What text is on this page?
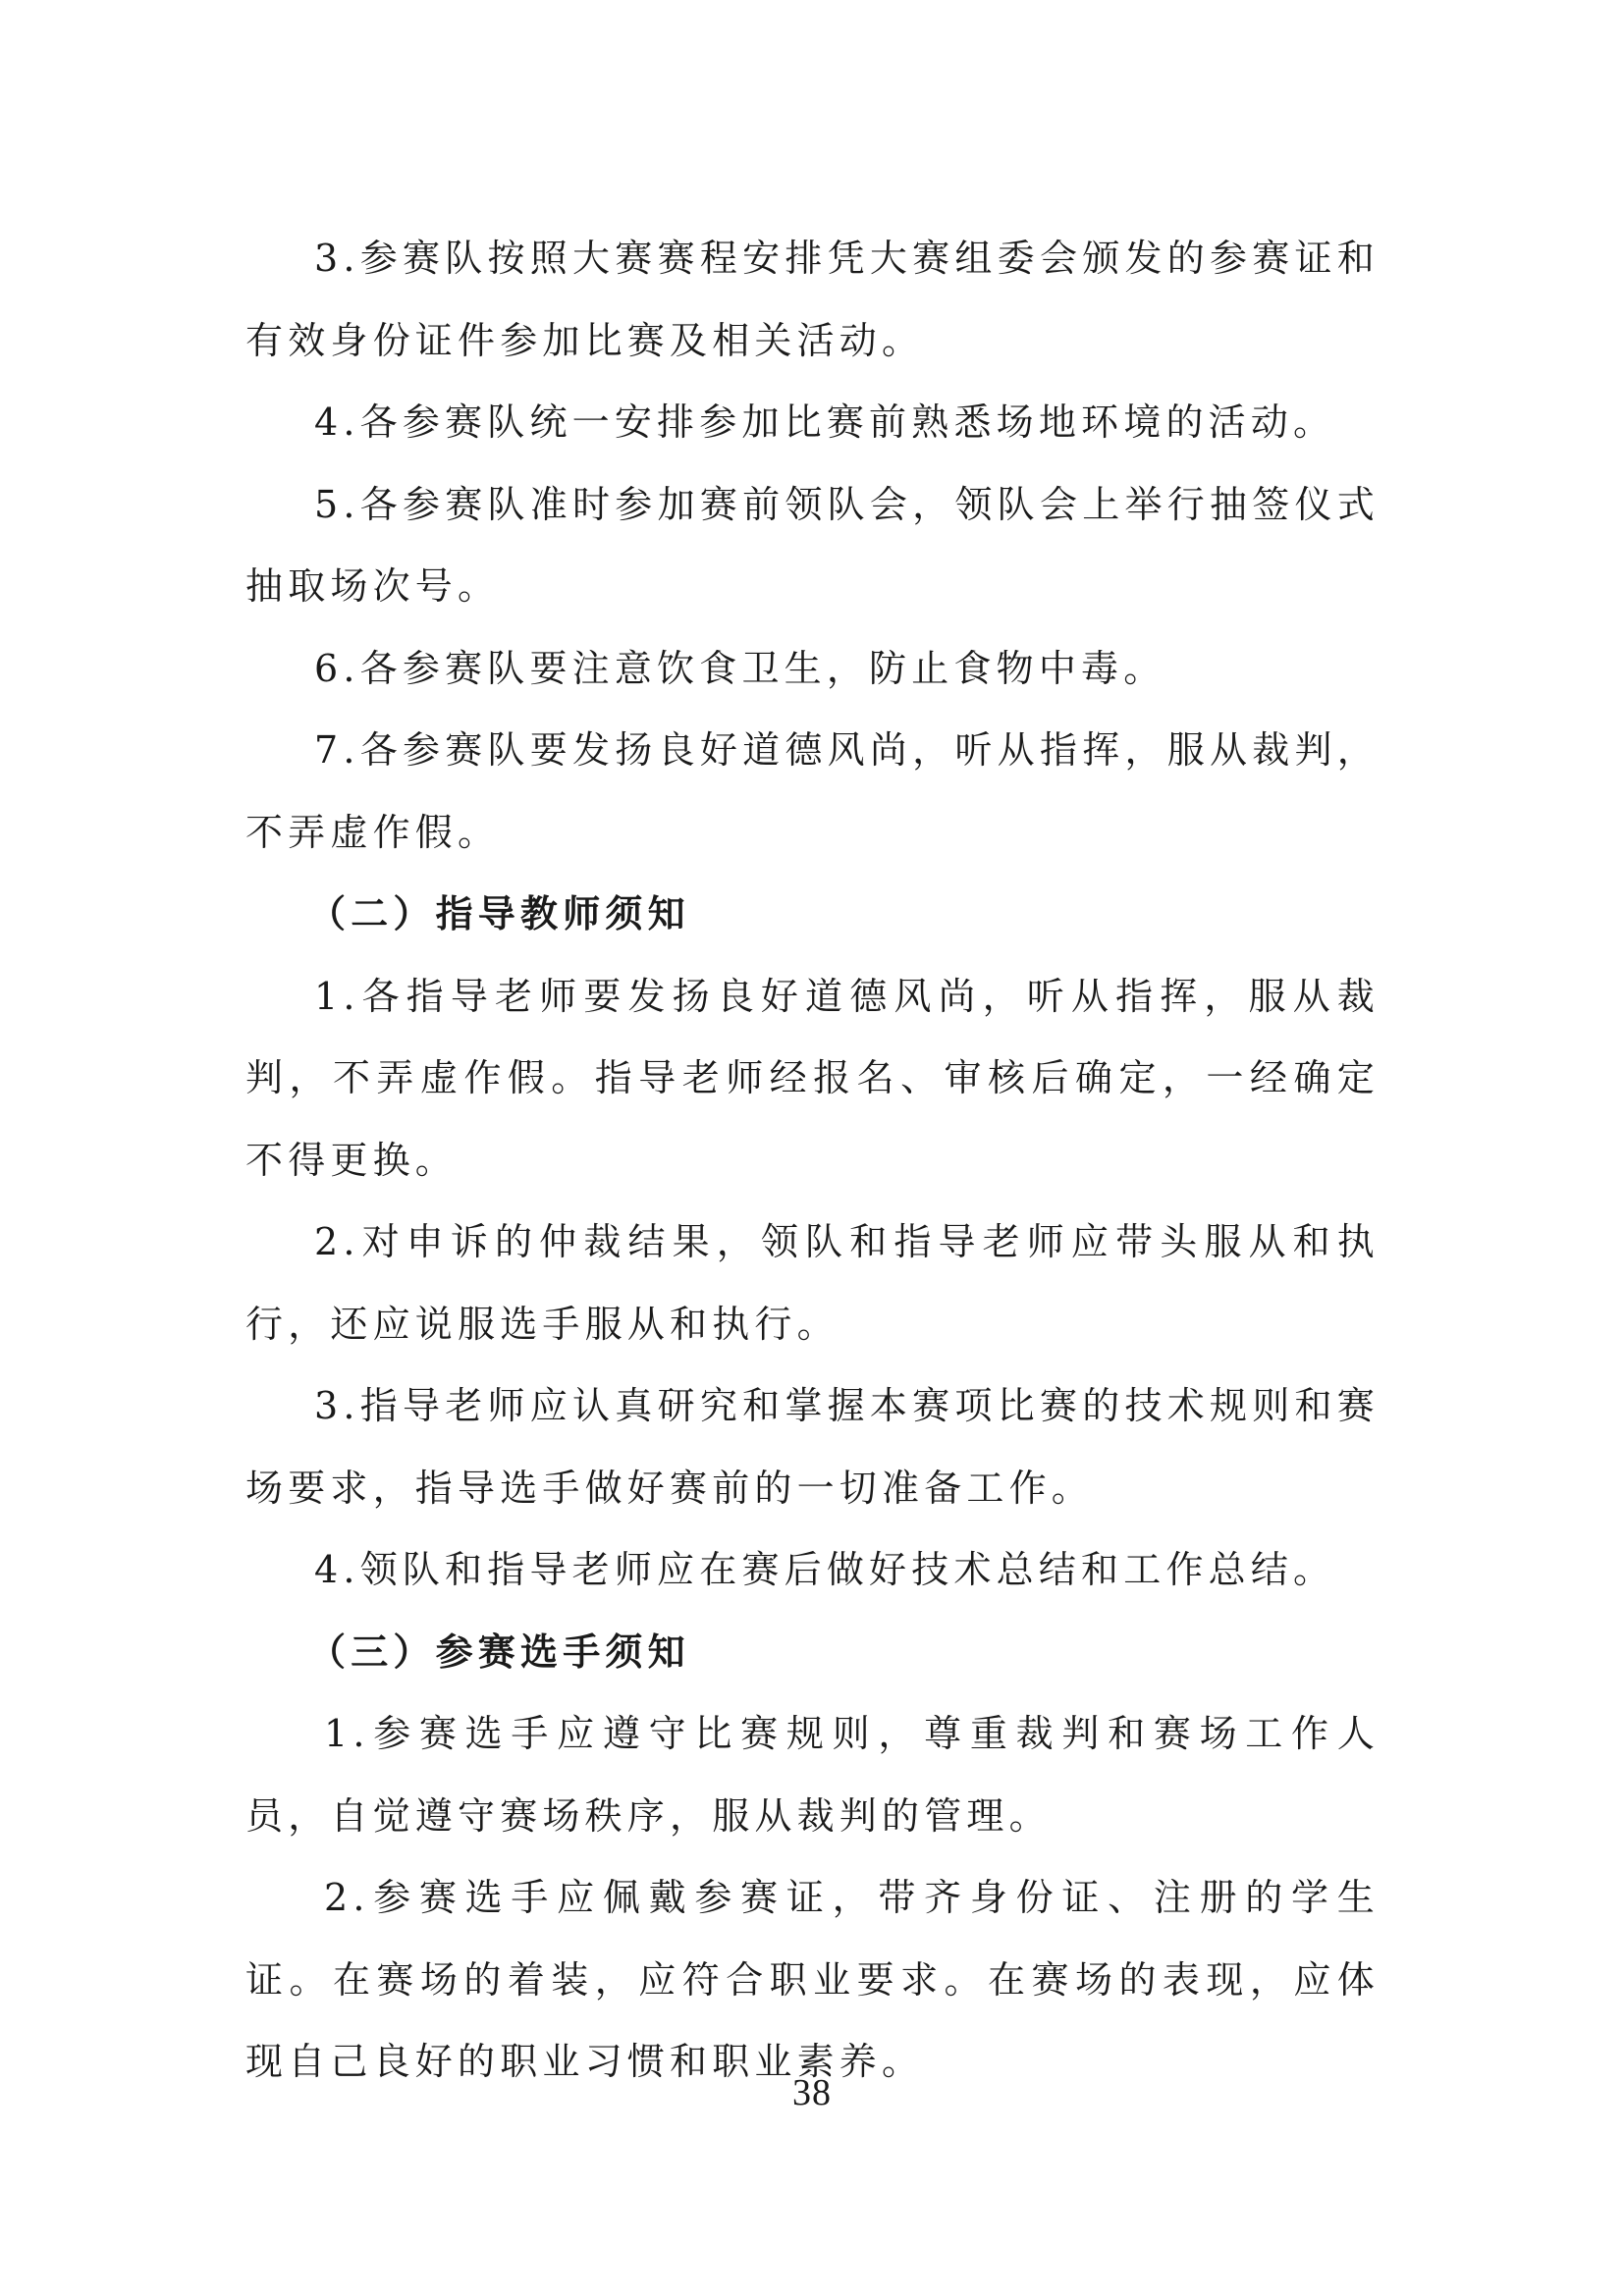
3.参赛队按照大赛赛程安排凭大赛组委会颁发的参赛证和有效身份证件参加比赛及相关活动。

4.各参赛队统一安排参加比赛前熟悉场地环境的活动。

5.各参赛队准时参加赛前领队会，领队会上举行抽签仪式抽取场次号。

6.各参赛队要注意饮食卫生，防止食物中毒。

7.各参赛队要发扬良好道德风尚，听从指挥，服从裁判，不弄虚作假。

（二）指导教师须知

1.各指导老师要发扬良好道德风尚，听从指挥，服从裁判，不弄虚作假。指导老师经报名、审核后确定，一经确定不得更换。

2.对申诉的仲裁结果，领队和指导老师应带头服从和执行，还应说服选手服从和执行。

3.指导老师应认真研究和掌握本赛项比赛的技术规则和赛场要求，指导选手做好赛前的一切准备工作。

4.领队和指导老师应在赛后做好技术总结和工作总结。

（三）参赛选手须知

1.参赛选手应遵守比赛规则，尊重裁判和赛场工作人员，自觉遵守赛场秩序，服从裁判的管理。

2.参赛选手应佩戴参赛证，带齐身份证、注册的学生证。在赛场的着装，应符合职业要求。在赛场的表现，应体现自己良好的职业习惯和职业素养。

38
